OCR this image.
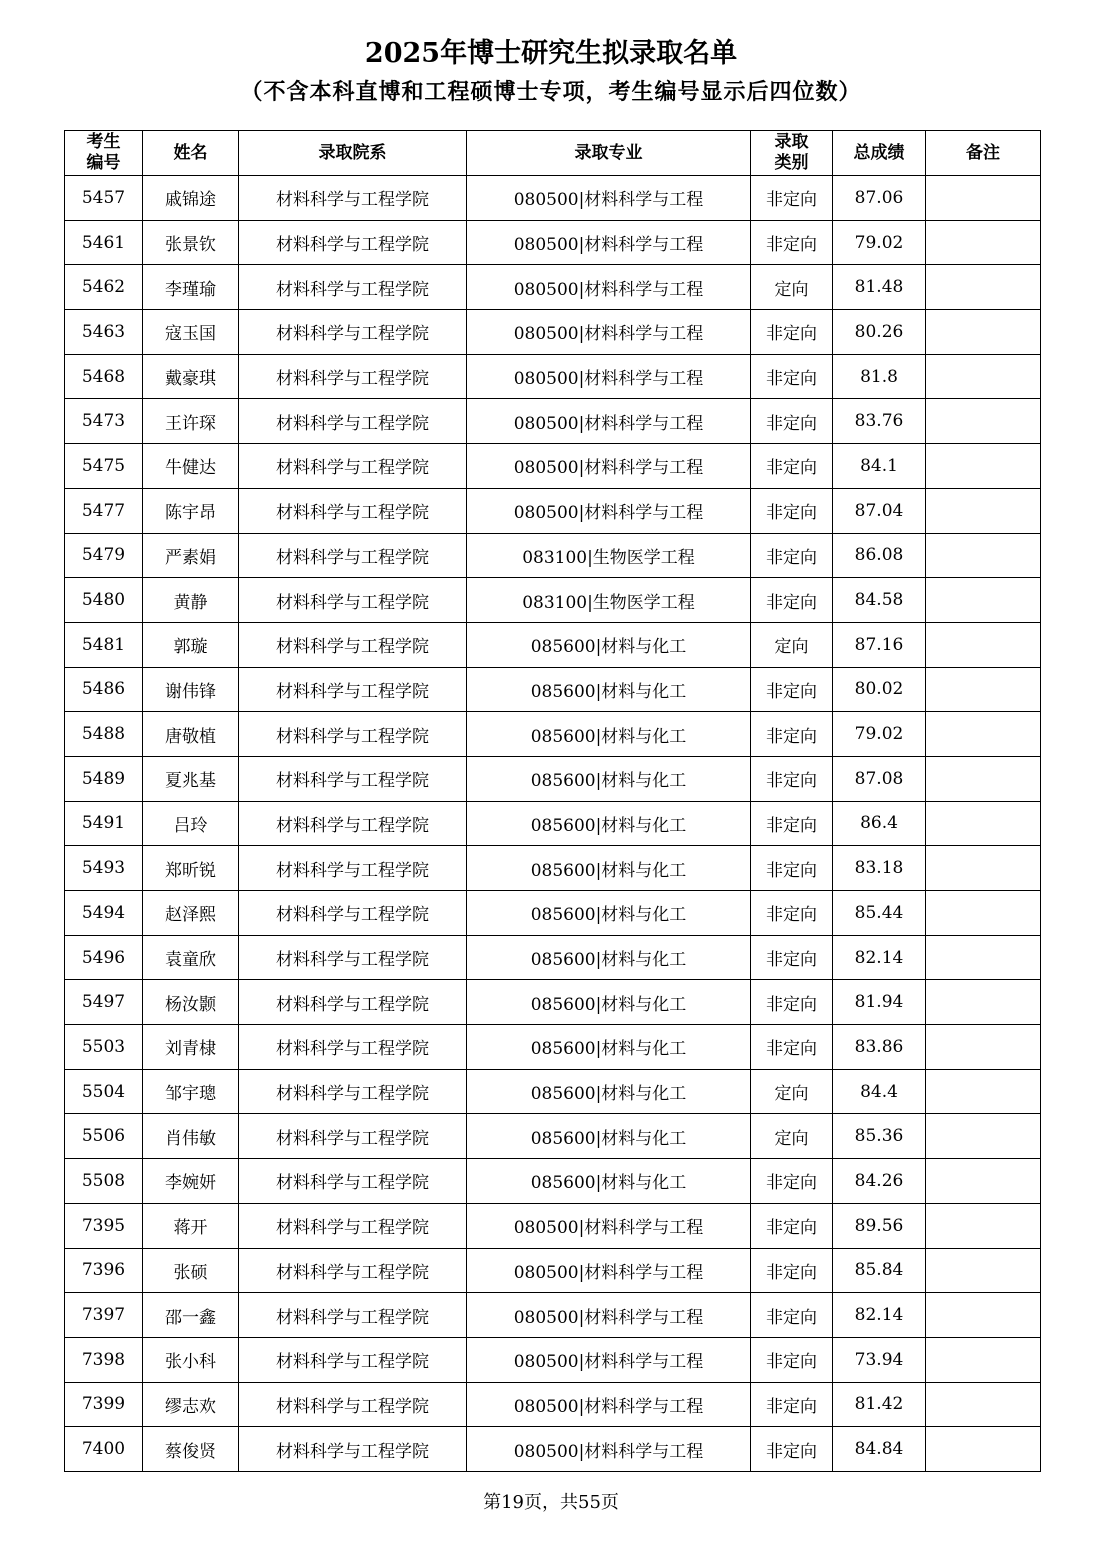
2025年博士研究生拟录取名单
（不含本科直博和工程硕博士专项，考生编号显示后四位数）
考生
编号	姓名	录取院系	录取专业	录取
类别	总成绩	备注
5457	戚锦途	材料科学与工程学院	080500|材料科学与工程	非定向	87.06	
5461	张景钦	材料科学与工程学院	080500|材料科学与工程	非定向	79.02	
5462	李瑾瑜	材料科学与工程学院	080500|材料科学与工程	定向	81.48	
5463	寇玉国	材料科学与工程学院	080500|材料科学与工程	非定向	80.26	
5468	戴豪琪	材料科学与工程学院	080500|材料科学与工程	非定向	81.8	
5473	王许琛	材料科学与工程学院	080500|材料科学与工程	非定向	83.76	
5475	牛健达	材料科学与工程学院	080500|材料科学与工程	非定向	84.1	
5477	陈宇昂	材料科学与工程学院	080500|材料科学与工程	非定向	87.04	
5479	严素娟	材料科学与工程学院	083100|生物医学工程	非定向	86.08	
5480	黄静	材料科学与工程学院	083100|生物医学工程	非定向	84.58	
5481	郭璇	材料科学与工程学院	085600|材料与化工	定向	87.16	
5486	谢伟锋	材料科学与工程学院	085600|材料与化工	非定向	80.02	
5488	唐敬植	材料科学与工程学院	085600|材料与化工	非定向	79.02	
5489	夏兆基	材料科学与工程学院	085600|材料与化工	非定向	87.08	
5491	吕玲	材料科学与工程学院	085600|材料与化工	非定向	86.4	
5493	郑昕锐	材料科学与工程学院	085600|材料与化工	非定向	83.18	
5494	赵泽熙	材料科学与工程学院	085600|材料与化工	非定向	85.44	
5496	袁童欣	材料科学与工程学院	085600|材料与化工	非定向	82.14	
5497	杨汝颢	材料科学与工程学院	085600|材料与化工	非定向	81.94	
5503	刘青棣	材料科学与工程学院	085600|材料与化工	非定向	83.86	
5504	邹宇璁	材料科学与工程学院	085600|材料与化工	定向	84.4	
5506	肖伟敏	材料科学与工程学院	085600|材料与化工	定向	85.36	
5508	李婉妍	材料科学与工程学院	085600|材料与化工	非定向	84.26	
7395	蒋开	材料科学与工程学院	080500|材料科学与工程	非定向	89.56	
7396	张硕	材料科学与工程学院	080500|材料科学与工程	非定向	85.84	
7397	邵一鑫	材料科学与工程学院	080500|材料科学与工程	非定向	82.14	
7398	张小科	材料科学与工程学院	080500|材料科学与工程	非定向	73.94	
7399	缪志欢	材料科学与工程学院	080500|材料科学与工程	非定向	81.42	
7400	蔡俊贤	材料科学与工程学院	080500|材料科学与工程	非定向	84.84	
第19页，共55页
